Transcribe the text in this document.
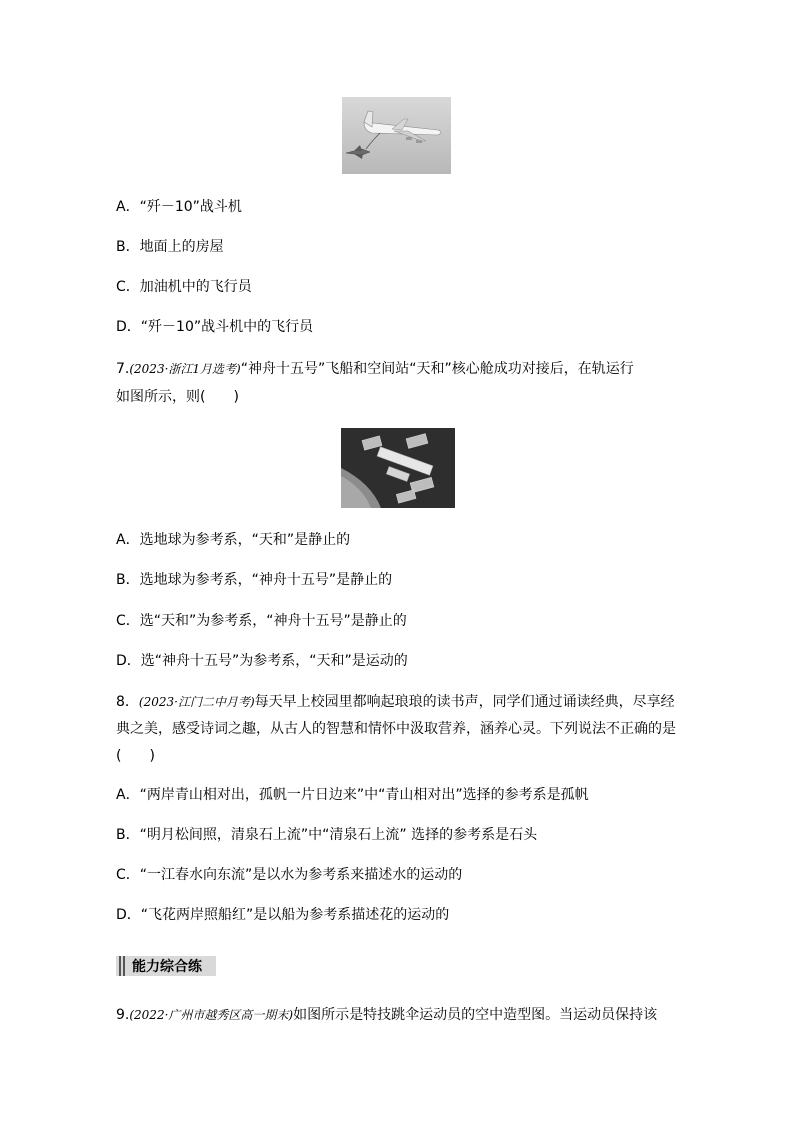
A．“歼－10”战斗机
B．地面上的房屋
C．加油机中的飞行员
D．“歼－10”战斗机中的飞行员
7.(2023·浙江1月选考)“神舟十五号”飞船和空间站“天和”核心舱成功对接后，在轨运行
如图所示，则(　　)
A．选地球为参考系，“天和”是静止的
B．选地球为参考系，“神舟十五号”是静止的
C．选“天和”为参考系，“神舟十五号”是静止的
D．选“神舟十五号”为参考系，“天和”是运动的
8．(2023·江门二中月考)每天早上校园里都响起琅琅的读书声，同学们通过诵读经典，尽享经
典之美，感受诗词之趣，从古人的智慧和情怀中汲取营养，涵养心灵。下列说法不正确的是
(　　)
A．“两岸青山相对出，孤帆一片日边来”中“青山相对出”选择的参考系是孤帆
B．“明月松间照，清泉石上流”中“清泉石上流” 选择的参考系是石头
C．“一江春水向东流”是以水为参考系来描述水的运动的
D．“飞花两岸照船红”是以船为参考系描述花的运动的
能力综合练
9.(2022·广州市越秀区高一期末)如图所示是特技跳伞运动员的空中造型图。当运动员保持该
